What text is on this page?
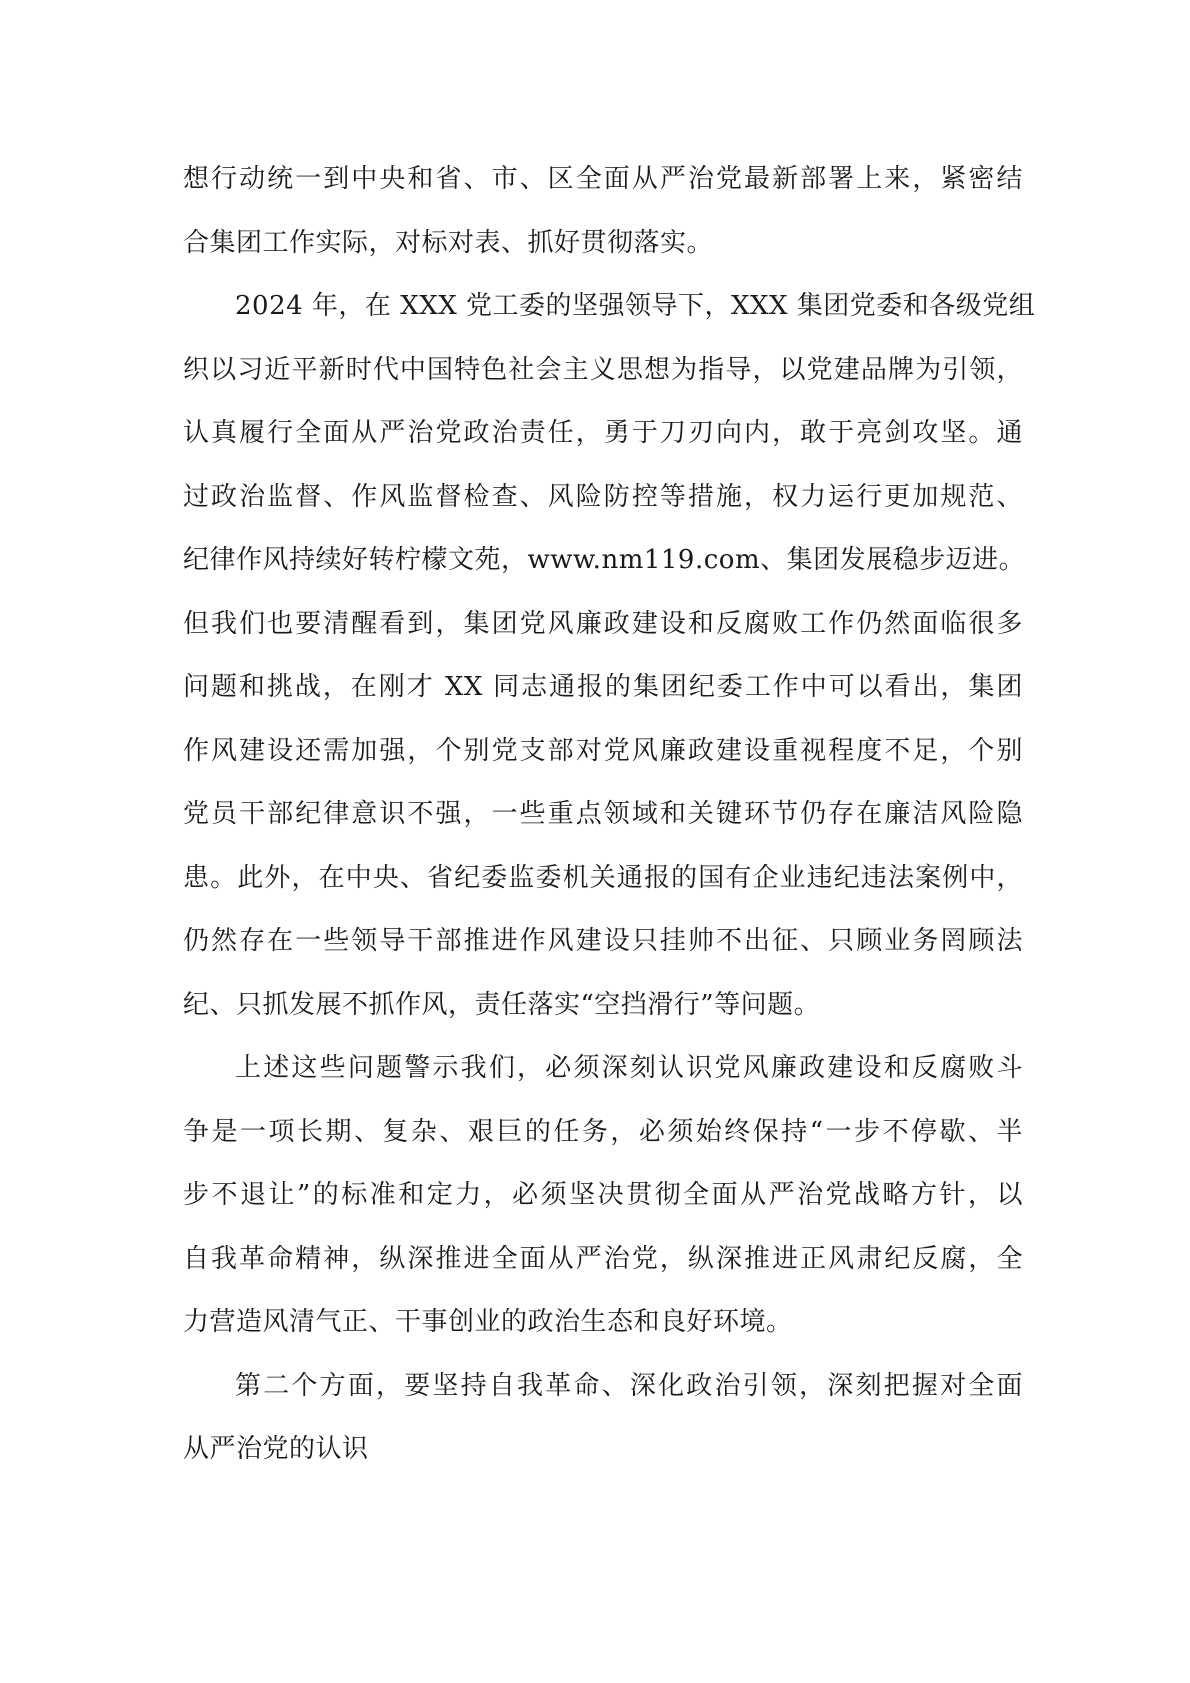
想行动统一到中央和省、市、区全面从严治党最新部署上来，紧密结
合集团工作实际，对标对表、抓好贯彻落实。
2024 年，在 XXX 党工委的坚强领导下，XXX 集团党委和各级党组
织以习近平新时代中国特色社会主义思想为指导，以党建品牌为引领，
认真履行全面从严治党政治责任，勇于刀刃向内，敢于亮剑攻坚。通
过政治监督、作风监督检查、风险防控等措施，权力运行更加规范、
纪律作风持续好转柠檬文苑，www.nm119.com、集团发展稳步迈进。
但我们也要清醒看到，集团党风廉政建设和反腐败工作仍然面临很多
问题和挑战，在刚才 XX 同志通报的集团纪委工作中可以看出，集团
作风建设还需加强，个别党支部对党风廉政建设重视程度不足，个别
党员干部纪律意识不强，一些重点领域和关键环节仍存在廉洁风险隐
患。此外，在中央、省纪委监委机关通报的国有企业违纪违法案例中，
仍然存在一些领导干部推进作风建设只挂帅不出征、只顾业务罔顾法
纪、只抓发展不抓作风，责任落实“空挡滑行”等问题。
上述这些问题警示我们，必须深刻认识党风廉政建设和反腐败斗
争是一项长期、复杂、艰巨的任务，必须始终保持“一步不停歇、半
步不退让”的标准和定力，必须坚决贯彻全面从严治党战略方针，以
自我革命精神，纵深推进全面从严治党，纵深推进正风肃纪反腐，全
力营造风清气正、干事创业的政治生态和良好环境。
第二个方面，要坚持自我革命、深化政治引领，深刻把握对全面
从严治党的认识
